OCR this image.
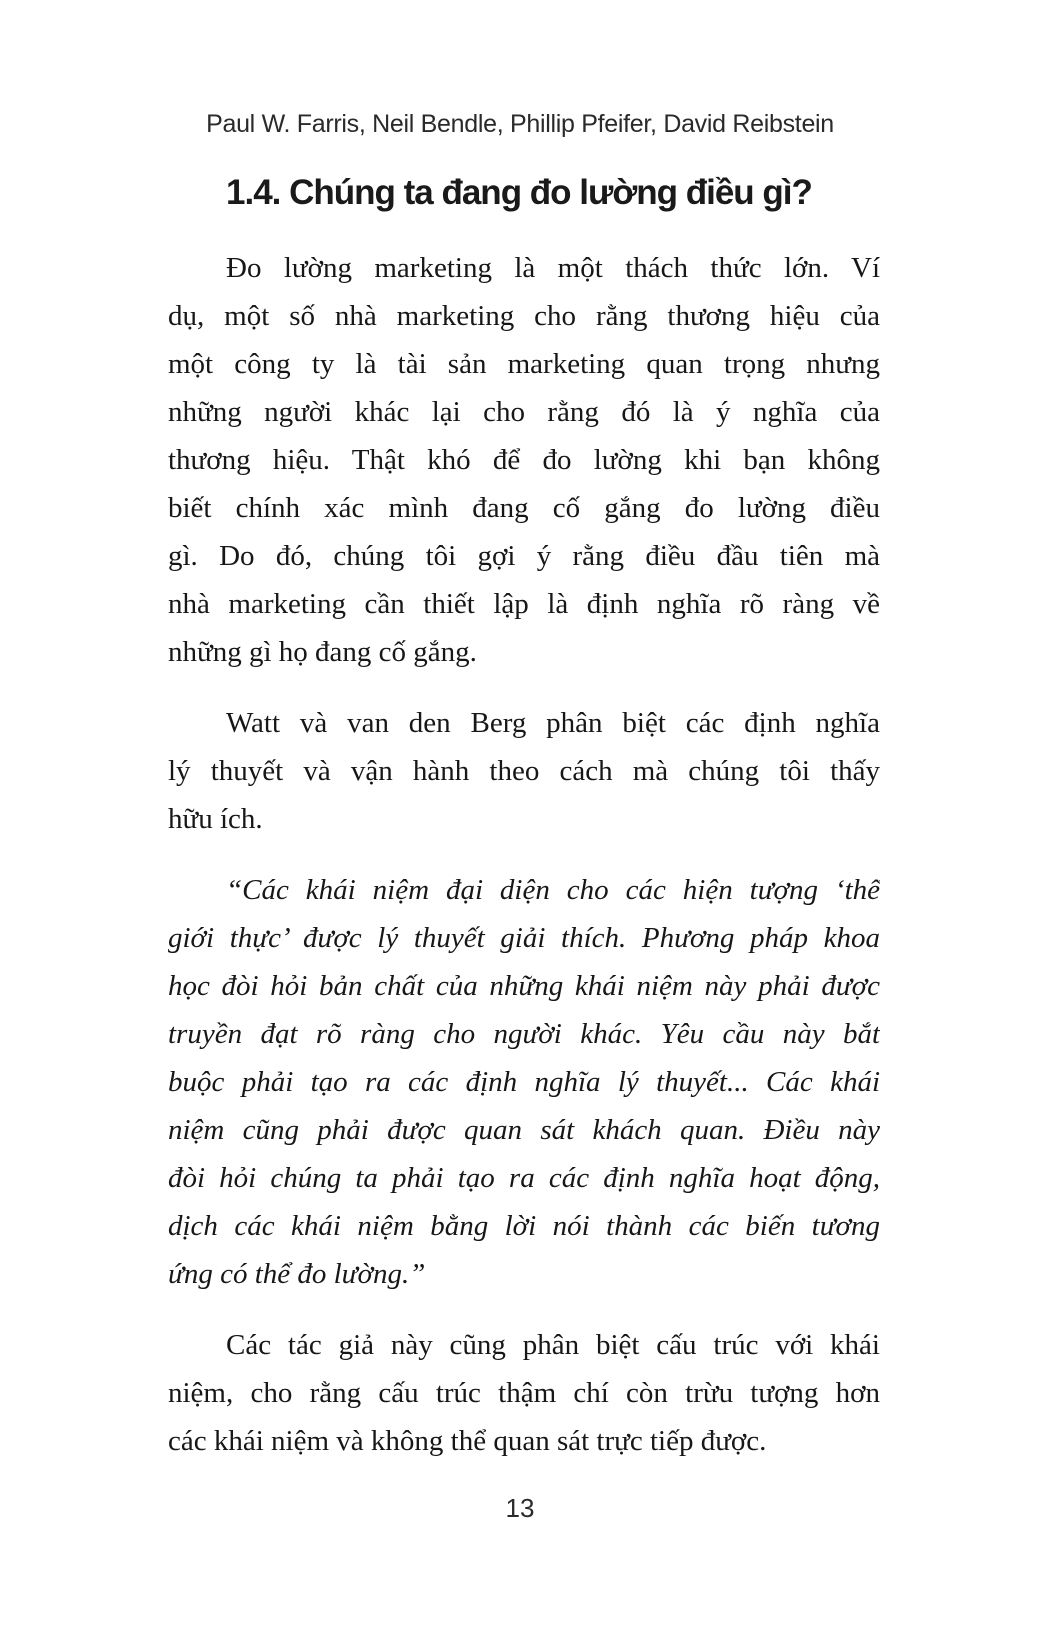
Paul W. Farris, Neil Bendle, Phillip Pfeifer, David Reibstein
1.4. Chúng ta đang đo lường điều gì?

Đo lường marketing là một thách thức lớn. Ví
dụ, một số nhà marketing cho rằng thương hiệu của
một công ty là tài sản marketing quan trọng nhưng
những người khác lại cho rằng đó là ý nghĩa của
thương hiệu. Thật khó để đo lường khi bạn không
biết chính xác mình đang cố gắng đo lường điều
gì. Do đó, chúng tôi gợi ý rằng điều đầu tiên mà
nhà marketing cần thiết lập là định nghĩa rõ ràng về
những gì họ đang cố gắng.

Watt và van den Berg phân biệt các định nghĩa
lý thuyết và vận hành theo cách mà chúng tôi thấy
hữu ích.

“Các khái niệm đại diện cho các hiện tượng ‘thế
giới thực’ được lý thuyết giải thích. Phương pháp khoa
học đòi hỏi bản chất của những khái niệm này phải được
truyền đạt rõ ràng cho người khác. Yêu cầu này bắt
buộc phải tạo ra các định nghĩa lý thuyết... Các khái
niệm cũng phải được quan sát khách quan. Điều này
đòi hỏi chúng ta phải tạo ra các định nghĩa hoạt động,
dịch các khái niệm bằng lời nói thành các biến tương
ứng có thể đo lường.”

Các tác giả này cũng phân biệt cấu trúc với khái
niệm, cho rằng cấu trúc thậm chí còn trừu tượng hơn
các khái niệm và không thể quan sát trực tiếp được.

13
